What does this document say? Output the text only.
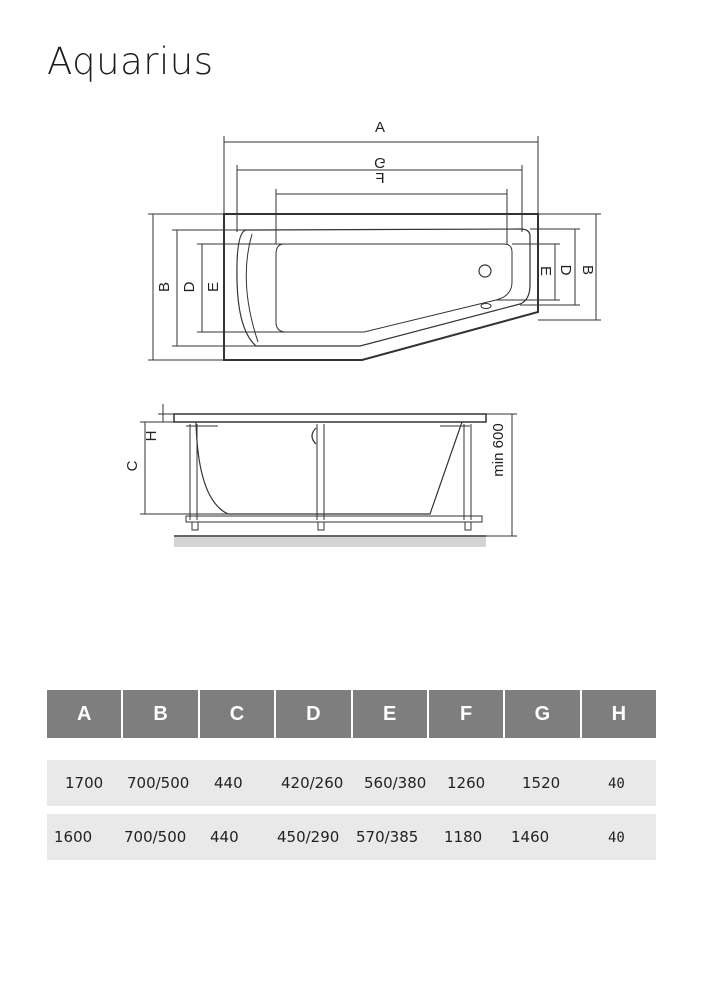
Aquarius
A
G
F
B D E
E D B
C
H	min 600
A	B	C	D	E	F	G	H
1700 700/500 440	420/260 560/380 1260 1520	40
1600 700/500 440	450/290 570/385 1180 1460	40
